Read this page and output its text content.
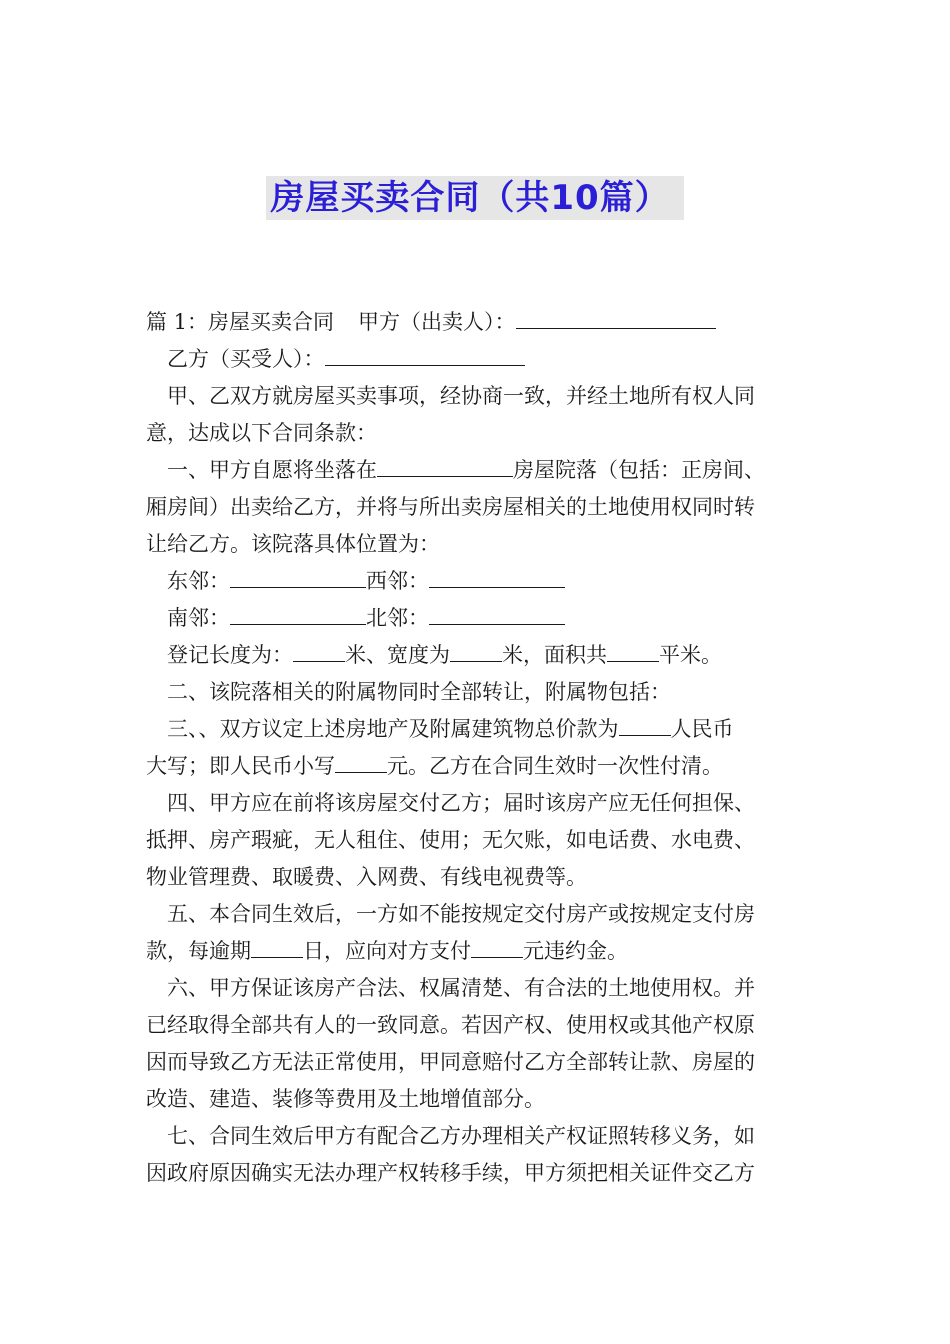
房屋买卖合同（共10篇）
篇 1：房屋买卖合同 甲方（出卖人）：
乙方（买受人）：
甲、乙双方就房屋买卖事项，经协商一致，并经土地所有权人同
意，达成以下合同条款：
一、甲方自愿将坐落在	房屋院落（包括：正房间、
厢房间）出卖给乙方，并将与所出卖房屋相关的土地使用权同时转
让给乙方。该院落具体位置为：
东邻：	西邻：
南邻：	北邻：
登记长度为： 米、宽度为 米，面积共 平米。
二、该院落相关的附属物同时全部转让，附属物包括：
三、、双方议定上述房地产及附属建筑物总价款为 人民币
大写；即人民币小写 元。乙方在合同生效时一次性付清。
四、甲方应在前将该房屋交付乙方；届时该房产应无任何担保、
抵押、房产瑕疵，无人租住、使用；无欠账，如电话费、水电费、
物业管理费、取暖费、入网费、有线电视费等。
五、本合同生效后，一方如不能按规定交付房产或按规定支付房
款，每逾期 日，应向对方支付 元违约金。
六、甲方保证该房产合法、权属清楚、有合法的土地使用权。并
已经取得全部共有人的一致同意。若因产权、使用权或其他产权原
因而导致乙方无法正常使用，甲同意赔付乙方全部转让款、房屋的
改造、建造、装修等费用及土地增值部分。
七、合同生效后甲方有配合乙方办理相关产权证照转移义务，如
因政府原因确实无法办理产权转移手续，甲方须把相关证件交乙方
